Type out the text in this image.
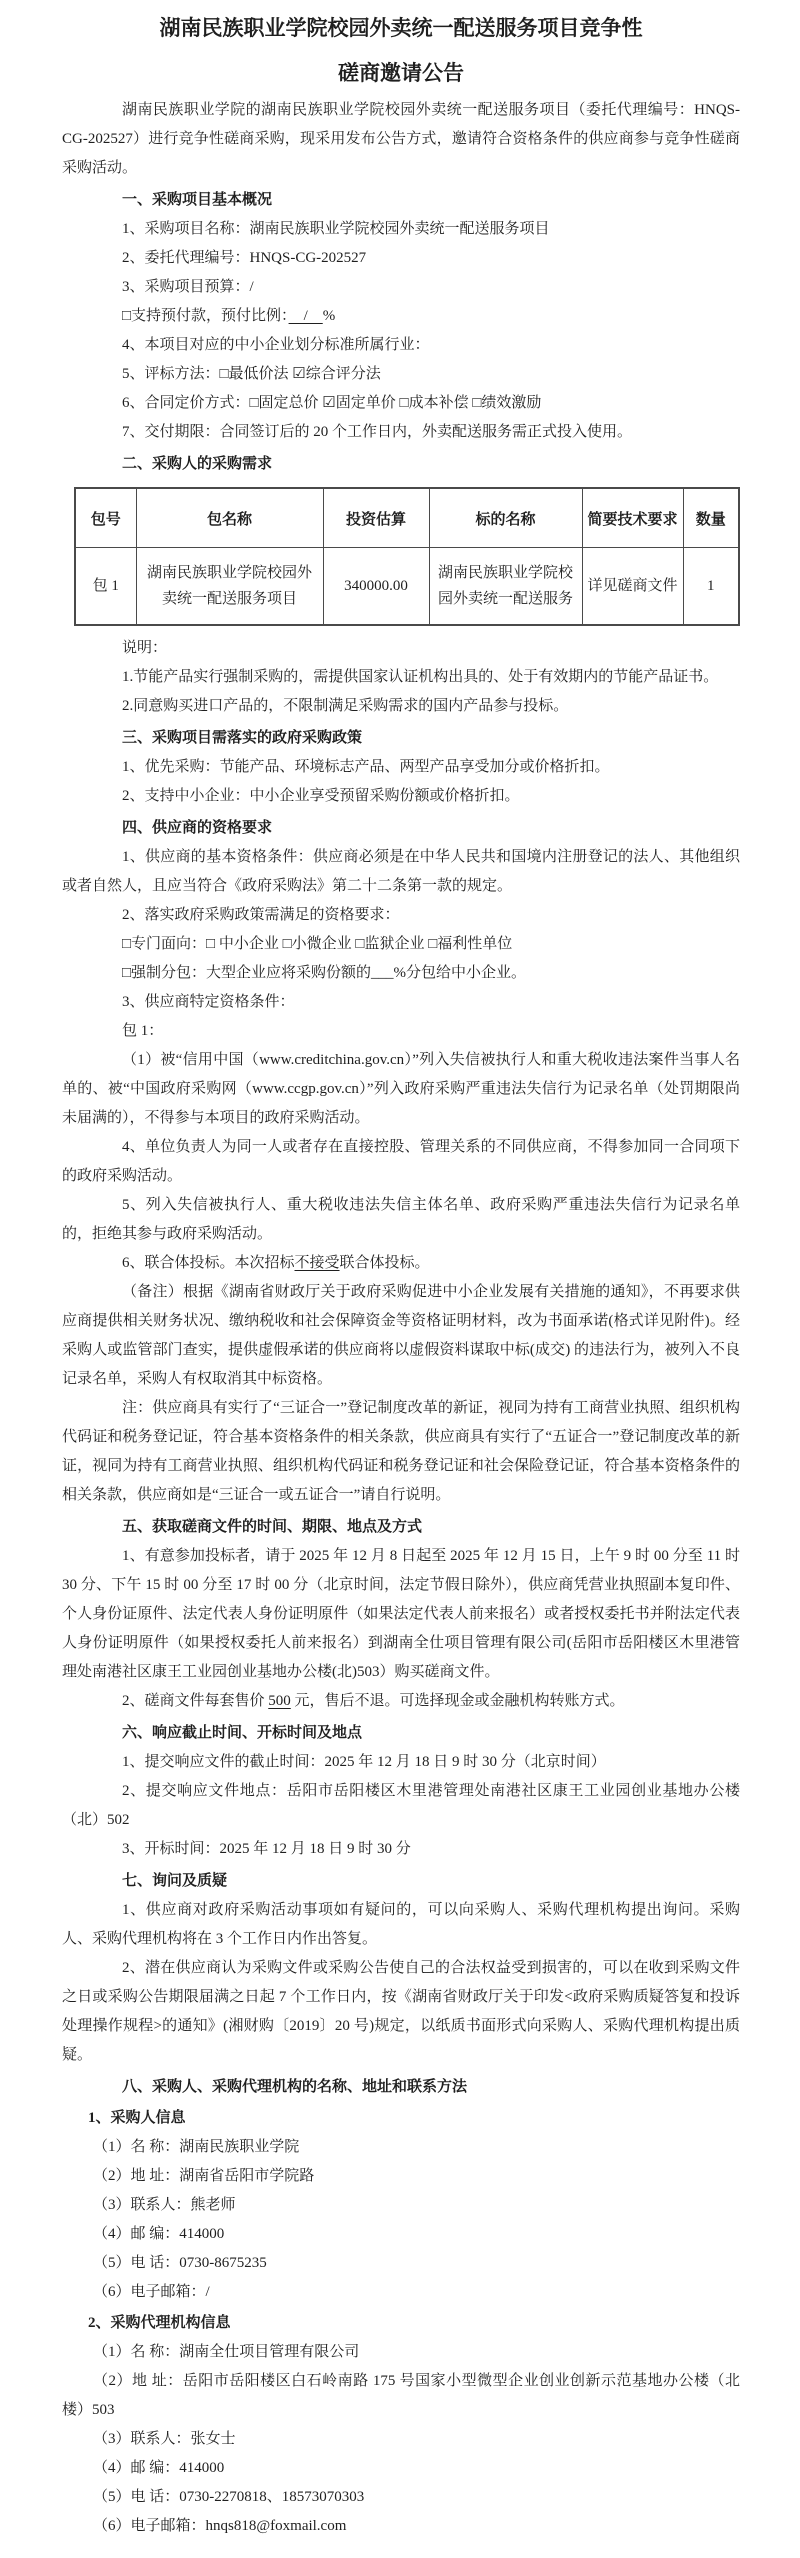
湖南民族职业学院校园外卖统一配送服务项目竞争性
磋商邀请公告

湖南民族职业学院的湖南民族职业学院校园外卖统一配送服务项目（委托代理编号：HNQS-CG-202527）进行竞争性磋商采购，现采用发布公告方式，邀请符合资格条件的供应商参与竞争性磋商采购活动。

一、采购项目基本概况

1、采购项目名称：湖南民族职业学院校园外卖统一配送服务项目

2、委托代理编号：HNQS-CG-202527

3、采购项目预算：/

□支持预付款，预付比例：　/　%

4、本项目对应的中小企业划分标准所属行业：

5、评标方法：□最低价法 ☑综合评分法

6、合同定价方式：□固定总价 ☑固定单价 □成本补偿 □绩效激励

7、交付期限：合同签订后的 20 个工作日内，外卖配送服务需正式投入使用。

二、采购人的采购需求

包号	包名称	投资估算	标的名称	简要技术要求	数量
包 1	湖南民族职业学院校园外卖统一配送服务项目	340000.00	湖南民族职业学院校园外卖统一配送服务	详见磋商文件	1

说明：

1.节能产品实行强制采购的，需提供国家认证机构出具的、处于有效期内的节能产品证书。

2.同意购买进口产品的，不限制满足采购需求的国内产品参与投标。

三、采购项目需落实的政府采购政策

1、优先采购：节能产品、环境标志产品、两型产品享受加分或价格折扣。

2、支持中小企业：中小企业享受预留采购份额或价格折扣。

四、供应商的资格要求

1、供应商的基本资格条件：供应商必须是在中华人民共和国境内注册登记的法人、其他组织或者自然人，且应当符合《政府采购法》第二十二条第一款的规定。

2、落实政府采购政策需满足的资格要求：

□专门面向：□ 中小企业 □小微企业 □监狱企业 □福利性单位

□强制分包：大型企业应将采购份额的___%分包给中小企业。

3、供应商特定资格条件：

包 1：

（1）被“信用中国（www.creditchina.gov.cn）”列入失信被执行人和重大税收违法案件当事人名单的、被“中国政府采购网（www.ccgp.gov.cn）”列入政府采购严重违法失信行为记录名单（处罚期限尚未届满的），不得参与本项目的政府采购活动。

4、单位负责人为同一人或者存在直接控股、管理关系的不同供应商，不得参加同一合同项下的政府采购活动。

5、列入失信被执行人、重大税收违法失信主体名单、政府采购严重违法失信行为记录名单的，拒绝其参与政府采购活动。

6、联合体投标。本次招标不接受联合体投标。

（备注）根据《湖南省财政厅关于政府采购促进中小企业发展有关措施的通知》，不再要求供应商提供相关财务状况、缴纳税收和社会保障资金等资格证明材料，改为书面承诺(格式详见附件)。经采购人或监管部门查实，提供虚假承诺的供应商将以虚假资料谋取中标(成交) 的违法行为，被列入不良记录名单，采购人有权取消其中标资格。

注：供应商具有实行了“三证合一”登记制度改革的新证，视同为持有工商营业执照、组织机构代码证和税务登记证，符合基本资格条件的相关条款，供应商具有实行了“五证合一”登记制度改革的新证，视同为持有工商营业执照、组织机构代码证和税务登记证和社会保险登记证，符合基本资格条件的相关条款，供应商如是“三证合一或五证合一”请自行说明。

五、获取磋商文件的时间、期限、地点及方式

1、有意参加投标者，请于 2025 年 12 月 8 日起至 2025 年 12 月 15 日，上午 9 时 00 分至 11 时 30 分、下午 15 时 00 分至 17 时 00 分（北京时间，法定节假日除外），供应商凭营业执照副本复印件、个人身份证原件、法定代表人身份证明原件（如果法定代表人前来报名）或者授权委托书并附法定代表人身份证明原件（如果授权委托人前来报名）到湖南全仕项目管理有限公司(岳阳市岳阳楼区木里港管理处南港社区康王工业园创业基地办公楼(北)503）购买磋商文件。

2、磋商文件每套售价 500 元，售后不退。可选择现金或金融机构转账方式。

六、响应截止时间、开标时间及地点

1、提交响应文件的截止时间：2025 年 12 月 18 日 9 时 30 分（北京时间）

2、提交响应文件地点：岳阳市岳阳楼区木里港管理处南港社区康王工业园创业基地办公楼（北）502

3、开标时间：2025 年 12 月 18 日 9 时 30 分

七、询问及质疑

1、供应商对政府采购活动事项如有疑问的，可以向采购人、采购代理机构提出询问。采购人、采购代理机构将在 3 个工作日内作出答复。

2、潜在供应商认为采购文件或采购公告使自己的合法权益受到损害的，可以在收到采购文件之日或采购公告期限届满之日起 7 个工作日内，按《湖南省财政厅关于印发<政府采购质疑答复和投诉处理操作规程>的通知》(湘财购〔2019〕20 号)规定，以纸质书面形式向采购人、采购代理机构提出质疑。

八、采购人、采购代理机构的名称、地址和联系方法

1、采购人信息

（1）名 称：湖南民族职业学院

（2）地 址：湖南省岳阳市学院路

（3）联系人：熊老师

（4）邮 编：414000

（5）电 话：0730-8675235

（6）电子邮箱：/

2、采购代理机构信息

（1）名 称：湖南全仕项目管理有限公司

（2）地 址：岳阳市岳阳楼区白石岭南路 175 号国家小型微型企业创业创新示范基地办公楼（北楼）503

（3）联系人：张女士

（4）邮 编：414000

（5）电 话：0730-2270818、18573070303

（6）电子邮箱：hnqs818@foxmail.com
